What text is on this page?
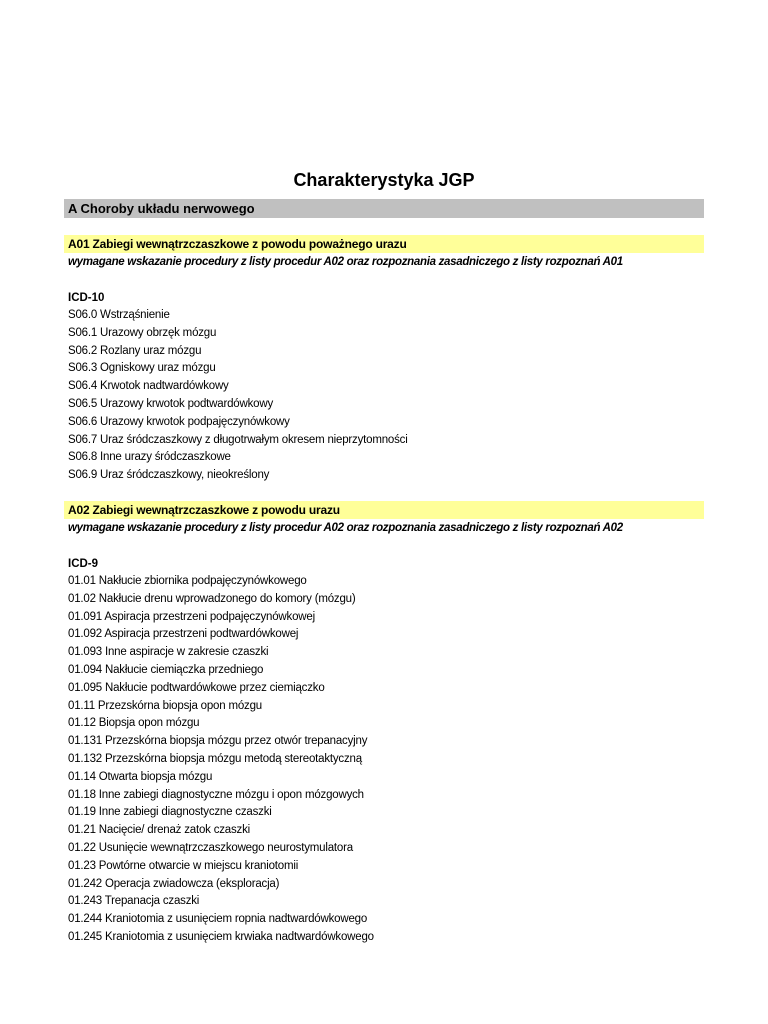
Charakterystyka JGP
A Choroby układu nerwowego
A01 Zabiegi wewnątrzczaszkowe z powodu poważnego urazu
wymagane wskazanie procedury z listy procedur A02 oraz rozpoznania zasadniczego z listy rozpoznań A01
ICD-10
S06.0 Wstrząśnienie
S06.1 Urazowy obrzęk mózgu
S06.2 Rozlany uraz mózgu
S06.3 Ogniskowy uraz mózgu
S06.4 Krwotok nadtwardówkowy
S06.5 Urazowy krwotok podtwardówkowy
S06.6 Urazowy krwotok podpajęczynówkowy
S06.7 Uraz śródczaszkowy z długotrwałym okresem nieprzytomności
S06.8 Inne urazy śródczaszkowe
S06.9 Uraz śródczaszkowy, nieokreślony
A02 Zabiegi wewnątrzczaszkowe z powodu urazu
wymagane wskazanie procedury z listy procedur A02 oraz rozpoznania zasadniczego z listy rozpoznań A02
ICD-9
01.01 Nakłucie zbiornika podpajęczynówkowego
01.02 Nakłucie drenu wprowadzonego do komory (mózgu)
01.091 Aspiracja przestrzeni podpajęczynówkowej
01.092 Aspiracja przestrzeni podtwardówkowej
01.093 Inne aspiracje w zakresie czaszki
01.094 Nakłucie ciemiączka przedniego
01.095 Nakłucie podtwardówkowe przez ciemiączko
01.11 Przezskórna biopsja opon mózgu
01.12 Biopsja opon mózgu
01.131 Przezskórna biopsja mózgu przez otwór trepanacyjny
01.132 Przezskórna biopsja mózgu metodą stereotaktyczną
01.14 Otwarta biopsja mózgu
01.18 Inne zabiegi diagnostyczne mózgu i opon mózgowych
01.19 Inne zabiegi diagnostyczne czaszki
01.21 Nacięcie/ drenaż zatok czaszki
01.22 Usunięcie wewnątrzczaszkowego neurostymulatora
01.23 Powtórne otwarcie w miejscu kraniotomii
01.242 Operacja zwiadowcza (eksploracja)
01.243 Trepanacja czaszki
01.244 Kraniotomia z usunięciem ropnia nadtwardówkowego
01.245 Kraniotomia z usunięciem krwiaka nadtwardówkowego
